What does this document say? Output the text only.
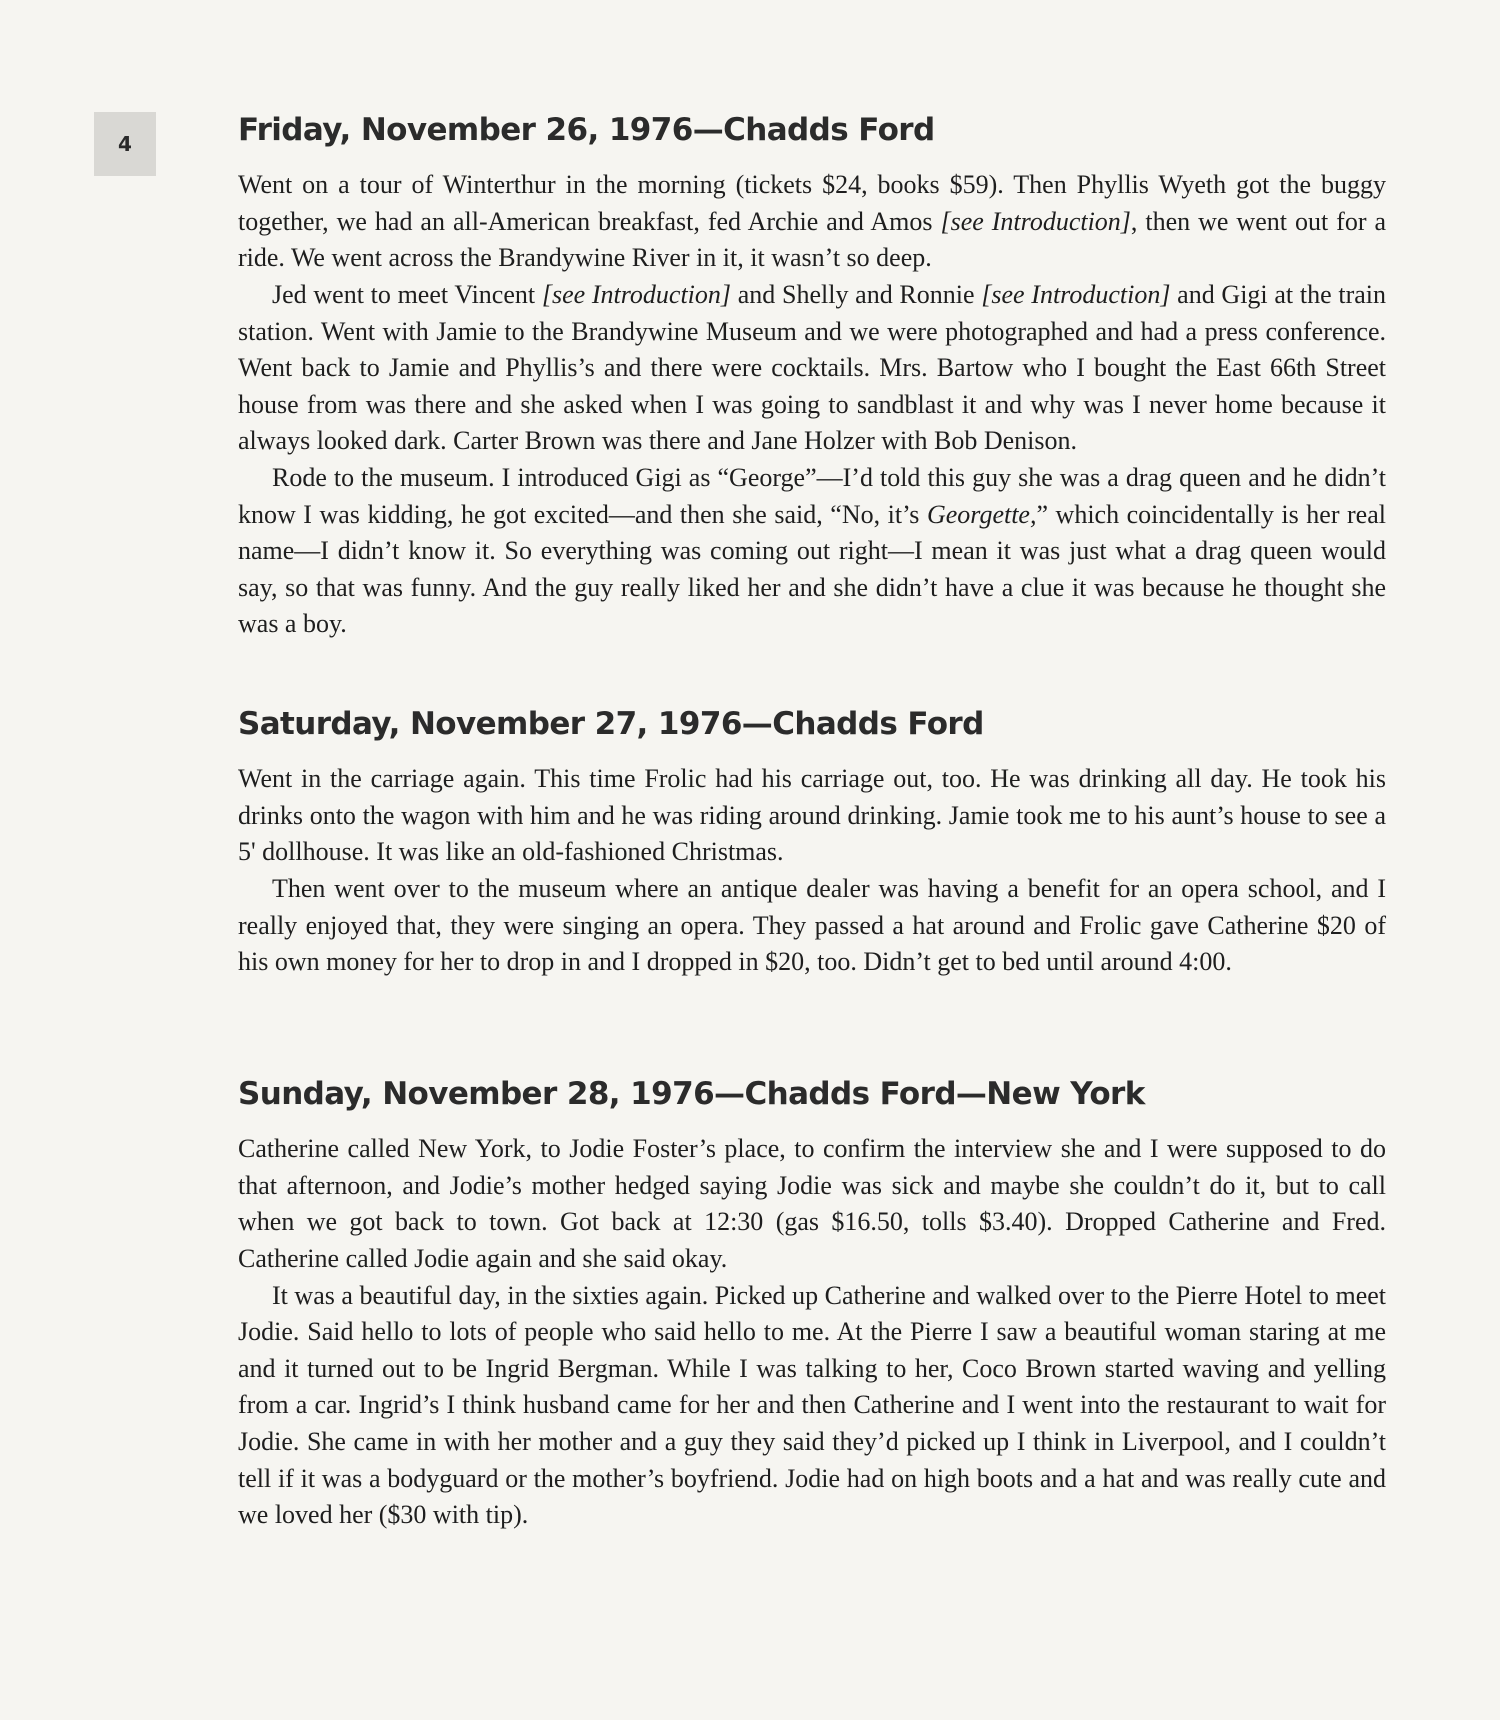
4	Friday, November 26, 1976—Chadds Ford

Went on a tour of Winterthur in the morning (tickets $24, books $59). Then Phyllis Wyeth got the buggy together, we had an all-American breakfast, fed Archie and Amos [see Introduction], then we went out for a ride. We went across the Brandywine River in it, it wasn’t so deep.

Jed went to meet Vincent [see Introduction] and Shelly and Ronnie [see Introduction] and Gigi at the train station. Went with Jamie to the Brandywine Museum and we were photographed and had a press conference. Went back to Jamie and Phyllis’s and there were cocktails. Mrs. Bartow who I bought the East 66th Street house from was there and she asked when I was going to sandblast it and why was I never home because it always looked dark. Carter Brown was there and Jane Holzer with Bob Denison.

Rode to the museum. I introduced Gigi as “George”—I’d told this guy she was a drag queen and he didn’t know I was kidding, he got excited—and then she said, “No, it’s Georgette,” which coincidentally is her real name—I didn’t know it. So everything was coming out right—I mean it was just what a drag queen would say, so that was funny. And the guy really liked her and she didn’t have a clue it was because he thought she was a boy.

Saturday, November 27, 1976—Chadds Ford

Went in the carriage again. This time Frolic had his carriage out, too. He was drinking all day. He took his drinks onto the wagon with him and he was riding around drinking. Jamie took me to his aunt’s house to see a 5' dollhouse. It was like an old-fashioned Christmas.

Then went over to the museum where an antique dealer was having a benefit for an opera school, and I really enjoyed that, they were singing an opera. They passed a hat around and Frolic gave Catherine $20 of his own money for her to drop in and I dropped in $20, too. Didn’t get to bed until around 4:00.

Sunday, November 28, 1976—Chadds Ford—New York

Catherine called New York, to Jodie Foster’s place, to confirm the interview she and I were supposed to do that afternoon, and Jodie’s mother hedged saying Jodie was sick and maybe she couldn’t do it, but to call when we got back to town. Got back at 12:30 (gas $16.50, tolls $3.40). Dropped Catherine and Fred. Catherine called Jodie again and she said okay.

It was a beautiful day, in the sixties again. Picked up Catherine and walked over to the Pierre Hotel to meet Jodie. Said hello to lots of people who said hello to me. At the Pierre I saw a beautiful woman staring at me and it turned out to be Ingrid Bergman. While I was talking to her, Coco Brown started waving and yelling from a car. Ingrid’s I think husband came for her and then Catherine and I went into the restaurant to wait for Jodie. She came in with her mother and a guy they said they’d picked up I think in Liverpool, and I couldn’t tell if it was a bodyguard or the mother’s boyfriend. Jodie had on high boots and a hat and was really cute and we loved her ($30 with tip).
